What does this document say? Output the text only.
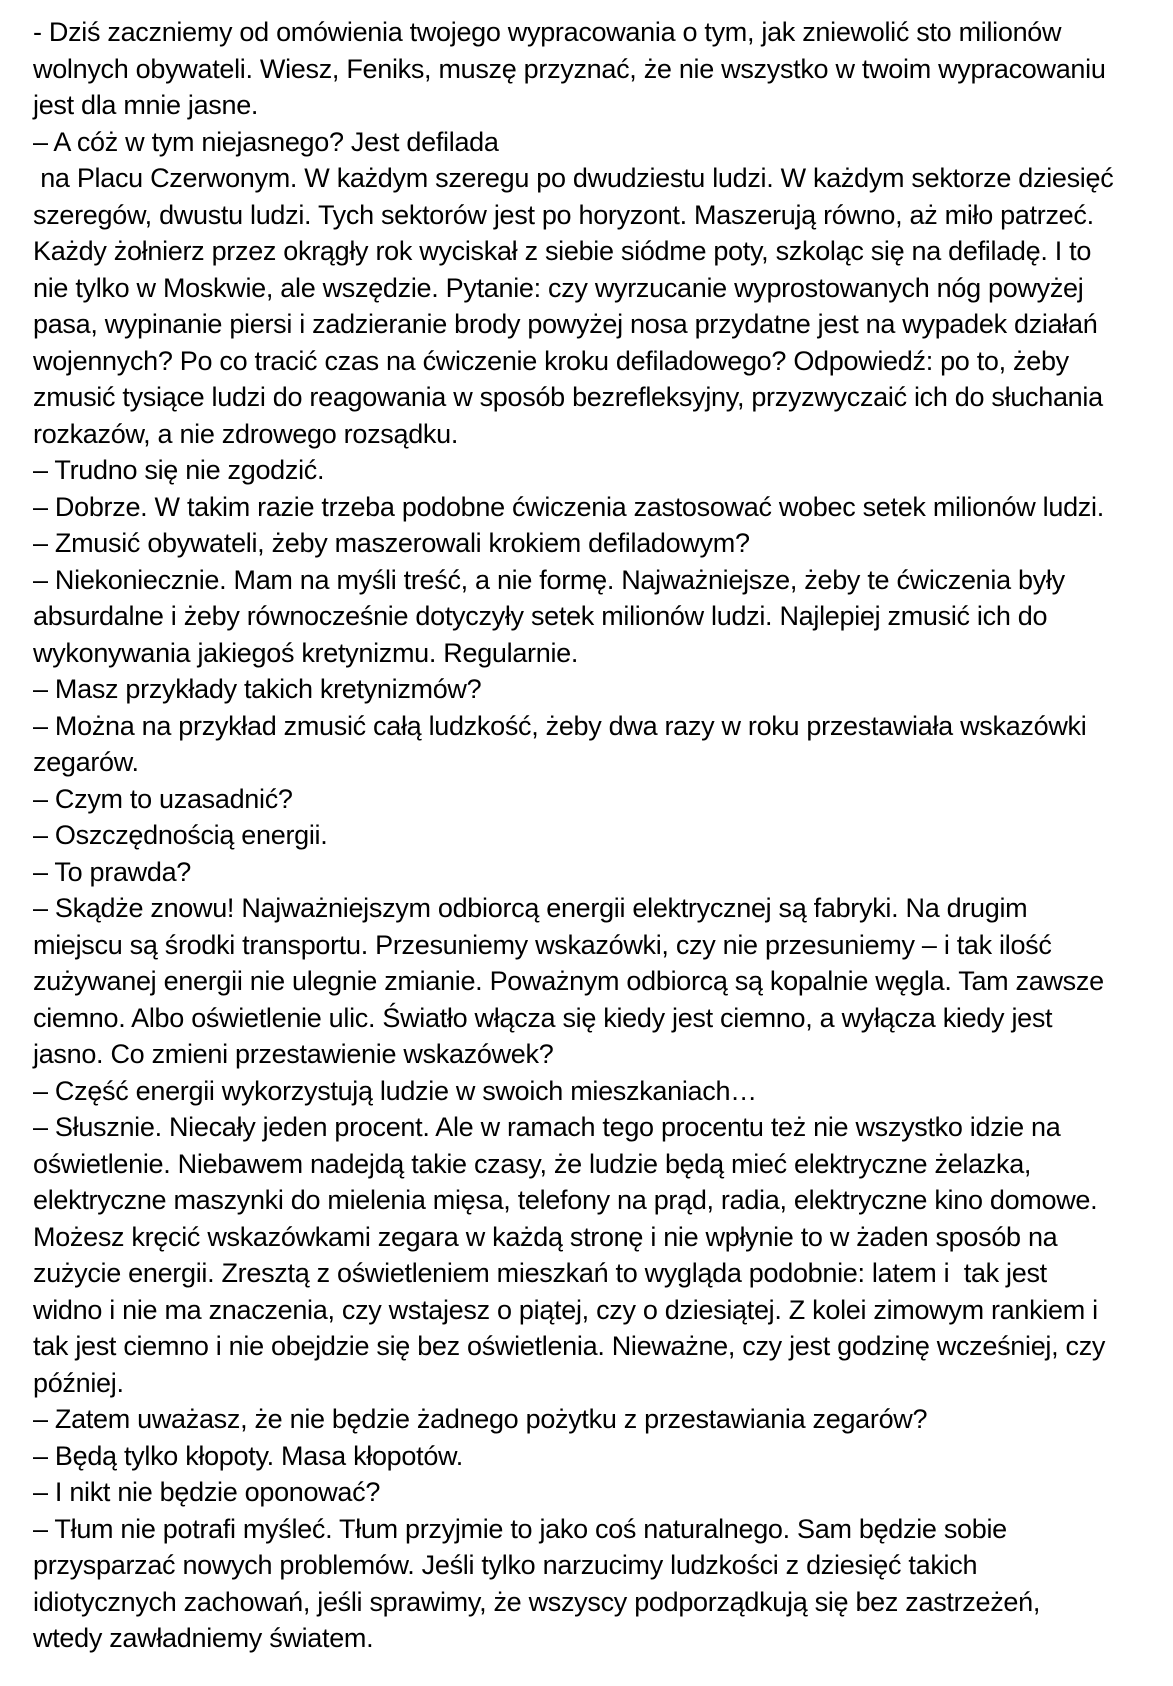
- Dziś zaczniemy od omówienia twojego wypracowania o tym, jak zniewolić sto milionów
wolnych obywateli. Wiesz, Feniks, muszę przyznać, że nie wszystko w twoim wypracowaniu
jest dla mnie jasne.
– A cóż w tym niejasnego? Jest defilada
na Placu Czerwonym. W każdym szeregu po dwudziestu ludzi. W każdym sektorze dziesięć
szeregów, dwustu ludzi. Tych sektorów jest po horyzont. Maszerują równo, aż miło patrzeć.
Każdy żołnierz przez okrągły rok wyciskał z siebie siódme poty, szkoląc się na defiladę. I to
nie tylko w Moskwie, ale wszędzie. Pytanie: czy wyrzucanie wyprostowanych nóg powyżej
pasa, wypinanie piersi i zadzieranie brody powyżej nosa przydatne jest na wypadek działań
wojennych? Po co tracić czas na ćwiczenie kroku defiladowego? Odpowiedź: po to, żeby
zmusić tysiące ludzi do reagowania w sposób bezrefleksyjny, przyzwyczaić ich do słuchania
rozkazów, a nie zdrowego rozsądku.
– Trudno się nie zgodzić.
– Dobrze. W takim razie trzeba podobne ćwiczenia zastosować wobec setek milionów ludzi.
– Zmusić obywateli, żeby maszerowali krokiem defiladowym?
– Niekoniecznie. Mam na myśli treść, a nie formę. Najważniejsze, żeby te ćwiczenia były
absurdalne i żeby równocześnie dotyczyły setek milionów ludzi. Najlepiej zmusić ich do
wykonywania jakiegoś kretynizmu. Regularnie.
– Masz przykłady takich kretynizmów?
– Można na przykład zmusić całą ludzkość, żeby dwa razy w roku przestawiała wskazówki
zegarów.
– Czym to uzasadnić?
– Oszczędnością energii.
– To prawda?
– Skądże znowu! Najważniejszym odbiorcą energii elektrycznej są fabryki. Na drugim
miejscu są środki transportu. Przesuniemy wskazówki, czy nie przesuniemy – i tak ilość
zużywanej energii nie ulegnie zmianie. Poważnym odbiorcą są kopalnie węgla. Tam zawsze
ciemno. Albo oświetlenie ulic. Światło włącza się kiedy jest ciemno, a wyłącza kiedy jest
jasno. Co zmieni przestawienie wskazówek?
– Część energii wykorzystują ludzie w swoich mieszkaniach…
– Słusznie. Niecały jeden procent. Ale w ramach tego procentu też nie wszystko idzie na
oświetlenie. Niebawem nadejdą takie czasy, że ludzie będą mieć elektryczne żelazka,
elektryczne maszynki do mielenia mięsa, telefony na prąd, radia, elektryczne kino domowe.
Możesz kręcić wskazówkami zegara w każdą stronę i nie wpłynie to w żaden sposób na
zużycie energii. Zresztą z oświetleniem mieszkań to wygląda podobnie: latem i  tak jest
widno i nie ma znaczenia, czy wstajesz o piątej, czy o dziesiątej. Z kolei zimowym rankiem i
tak jest ciemno i nie obejdzie się bez oświetlenia. Nieważne, czy jest godzinę wcześniej, czy
później.
– Zatem uważasz, że nie będzie żadnego pożytku z przestawiania zegarów?
– Będą tylko kłopoty. Masa kłopotów.
– I nikt nie będzie oponować?
– Tłum nie potrafi myśleć. Tłum przyjmie to jako coś naturalnego. Sam będzie sobie
przysparzać nowych problemów. Jeśli tylko narzucimy ludzkości z dziesięć takich
idiotycznych zachowań, jeśli sprawimy, że wszyscy podporządkują się bez zastrzeżeń,
wtedy zawładniemy światem.
